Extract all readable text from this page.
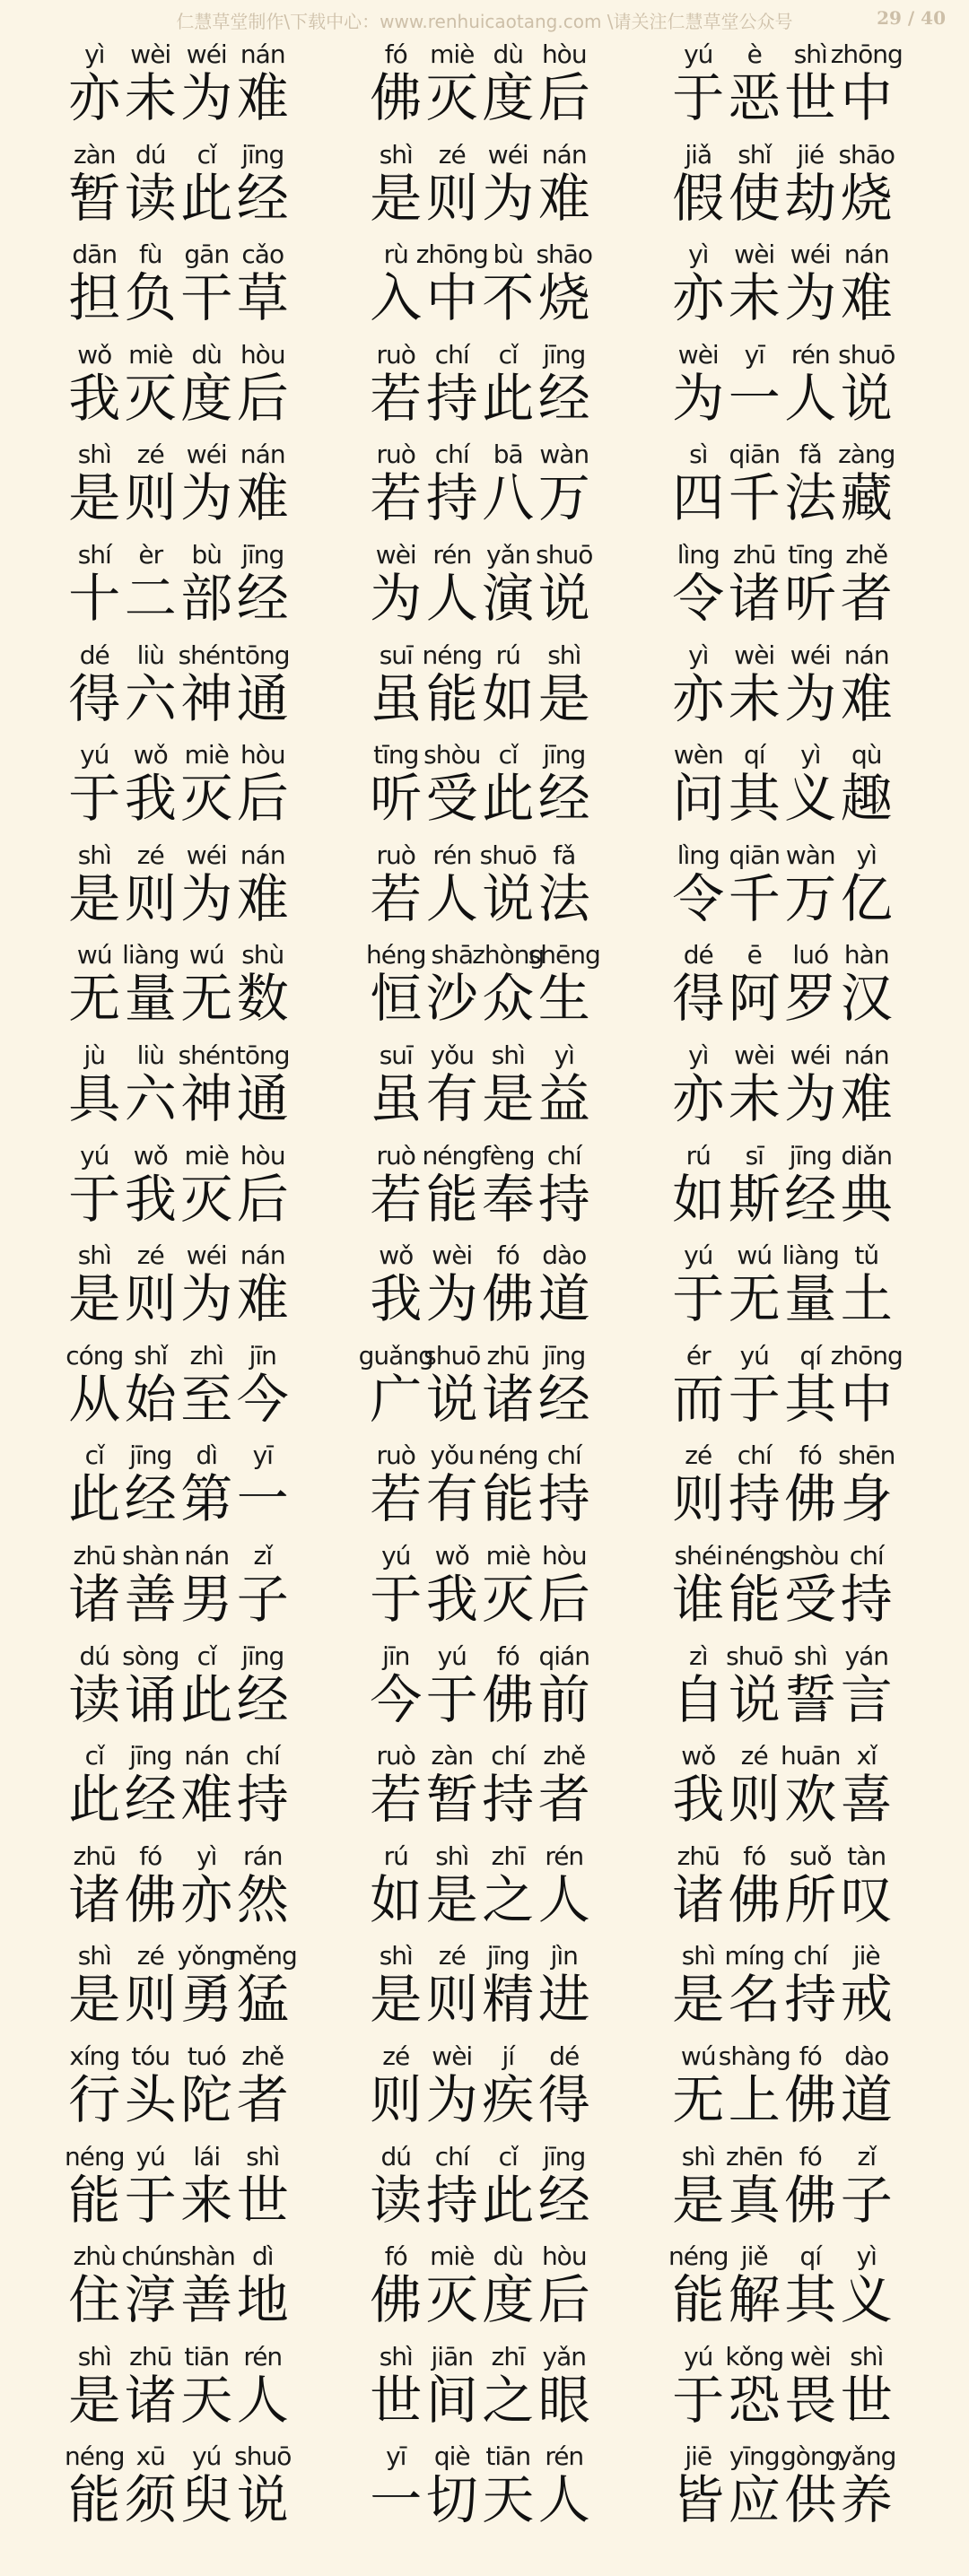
仁慧草堂制作\下载中心：www.renhuicaotang.com \请关注仁慧草堂公众号	29 / 40
yì
亦
wèi
未
wéi
为
nán
难
fó
佛
miè
灭
dù
度
hòu
后
yú
于
è
恶
shì
世
zhōng
中
zàn
暂
dú
读
cǐ
此
jīng
经
shì
是
zé
则
wéi
为
nán
难
jiǎ
假
shǐ
使
jié
劫
shāo
烧
dān
担
fù
负
gān
干
cǎo
草
rù
入
zhōng
中
bù
不
shāo
烧
yì
亦
wèi
未
wéi
为
nán
难
wǒ
我
miè
灭
dù
度
hòu
后
ruò
若
chí
持
cǐ
此
jīng
经
wèi
为
yī
一
rén
人
shuō
说
shì
是
zé
则
wéi
为
nán
难
ruò
若
chí
持
bā
八
wàn
万
sì
四
qiān
千
fǎ
法
zàng
藏
shí
十
èr
二
bù
部
jīng
经
wèi
为
rén
人
yǎn
演
shuō
说
lìng
令
zhū
诸
tīng
听
zhě
者
dé
得
liù
六
shén
神
tōng
通
suī
虽
néng
能
rú
如
shì
是
yì
亦
wèi
未
wéi
为
nán
难
yú
于
wǒ
我
miè
灭
hòu
后
tīng
听
shòu
受
cǐ
此
jīng
经
wèn
问
qí
其
yì
义
qù
趣
shì
是
zé
则
wéi
为
nán
难
ruò
若
rén
人
shuō
说
fǎ
法
lìng
令
qiān
千
wàn
万
yì
亿
wú
无
liàng
量
wú
无
shù
数
héng
恒
shā
沙
zhòng
众
shēng
生
dé
得
ē
阿
luó
罗
hàn
汉
jù
具
liù
六
shén
神
tōng
通
suī
虽
yǒu
有
shì
是
yì
益
yì
亦
wèi
未
wéi
为
nán
难
yú
于
wǒ
我
miè
灭
hòu
后
ruò
若
néng
能
fèng
奉
chí
持
rú
如
sī
斯
jīng
经
diǎn
典
shì
是
zé
则
wéi
为
nán
难
wǒ
我
wèi
为
fó
佛
dào
道
yú
于
wú
无
liàng
量
tǔ
土
cóng
从
shǐ
始
zhì
至
jīn
今
guǎng
广
shuō
说
zhū
诸
jīng
经
ér
而
yú
于
qí
其
zhōng
中
cǐ
此
jīng
经
dì
第
yī
一
ruò
若
yǒu
有
néng
能
chí
持
zé
则
chí
持
fó
佛
shēn
身
zhū
诸
shàn
善
nán
男
zǐ
子
yú
于
wǒ
我
miè
灭
hòu
后
shéi
谁
néng
能
shòu
受
chí
持
dú
读
sòng
诵
cǐ
此
jīng
经
jīn
今
yú
于
fó
佛
qián
前
zì
自
shuō
说
shì
誓
yán
言
cǐ
此
jīng
经
nán
难
chí
持
ruò
若
zàn
暂
chí
持
zhě
者
wǒ
我
zé
则
huān
欢
xǐ
喜
zhū
诸
fó
佛
yì
亦
rán
然
rú
如
shì
是
zhī
之
rén
人
zhū
诸
fó
佛
suǒ
所
tàn
叹
shì
是
zé
则
yǒng
勇
měng
猛
shì
是
zé
则
jīng
精
jìn
进
shì
是
míng
名
chí
持
jiè
戒
xíng
行
tóu
头
tuó
陀
zhě
者
zé
则
wèi
为
jí
疾
dé
得
wú
无
shàng
上
fó
佛
dào
道
néng
能
yú
于
lái
来
shì
世
dú
读
chí
持
cǐ
此
jīng
经
shì
是
zhēn
真
fó
佛
zǐ
子
zhù
住
chún
淳
shàn
善
dì
地
fó
佛
miè
灭
dù
度
hòu
后
néng
能
jiě
解
qí
其
yì
义
shì
是
zhū
诸
tiān
天
rén
人
shì
世
jiān
间
zhī
之
yǎn
眼
yú
于
kǒng
恐
wèi
畏
shì
世
néng
能
xū
须
yú
臾
shuō
说
yī
一
qiè
切
tiān
天
rén
人
jiē
皆
yīng
应
gòng
供
yǎng
养
